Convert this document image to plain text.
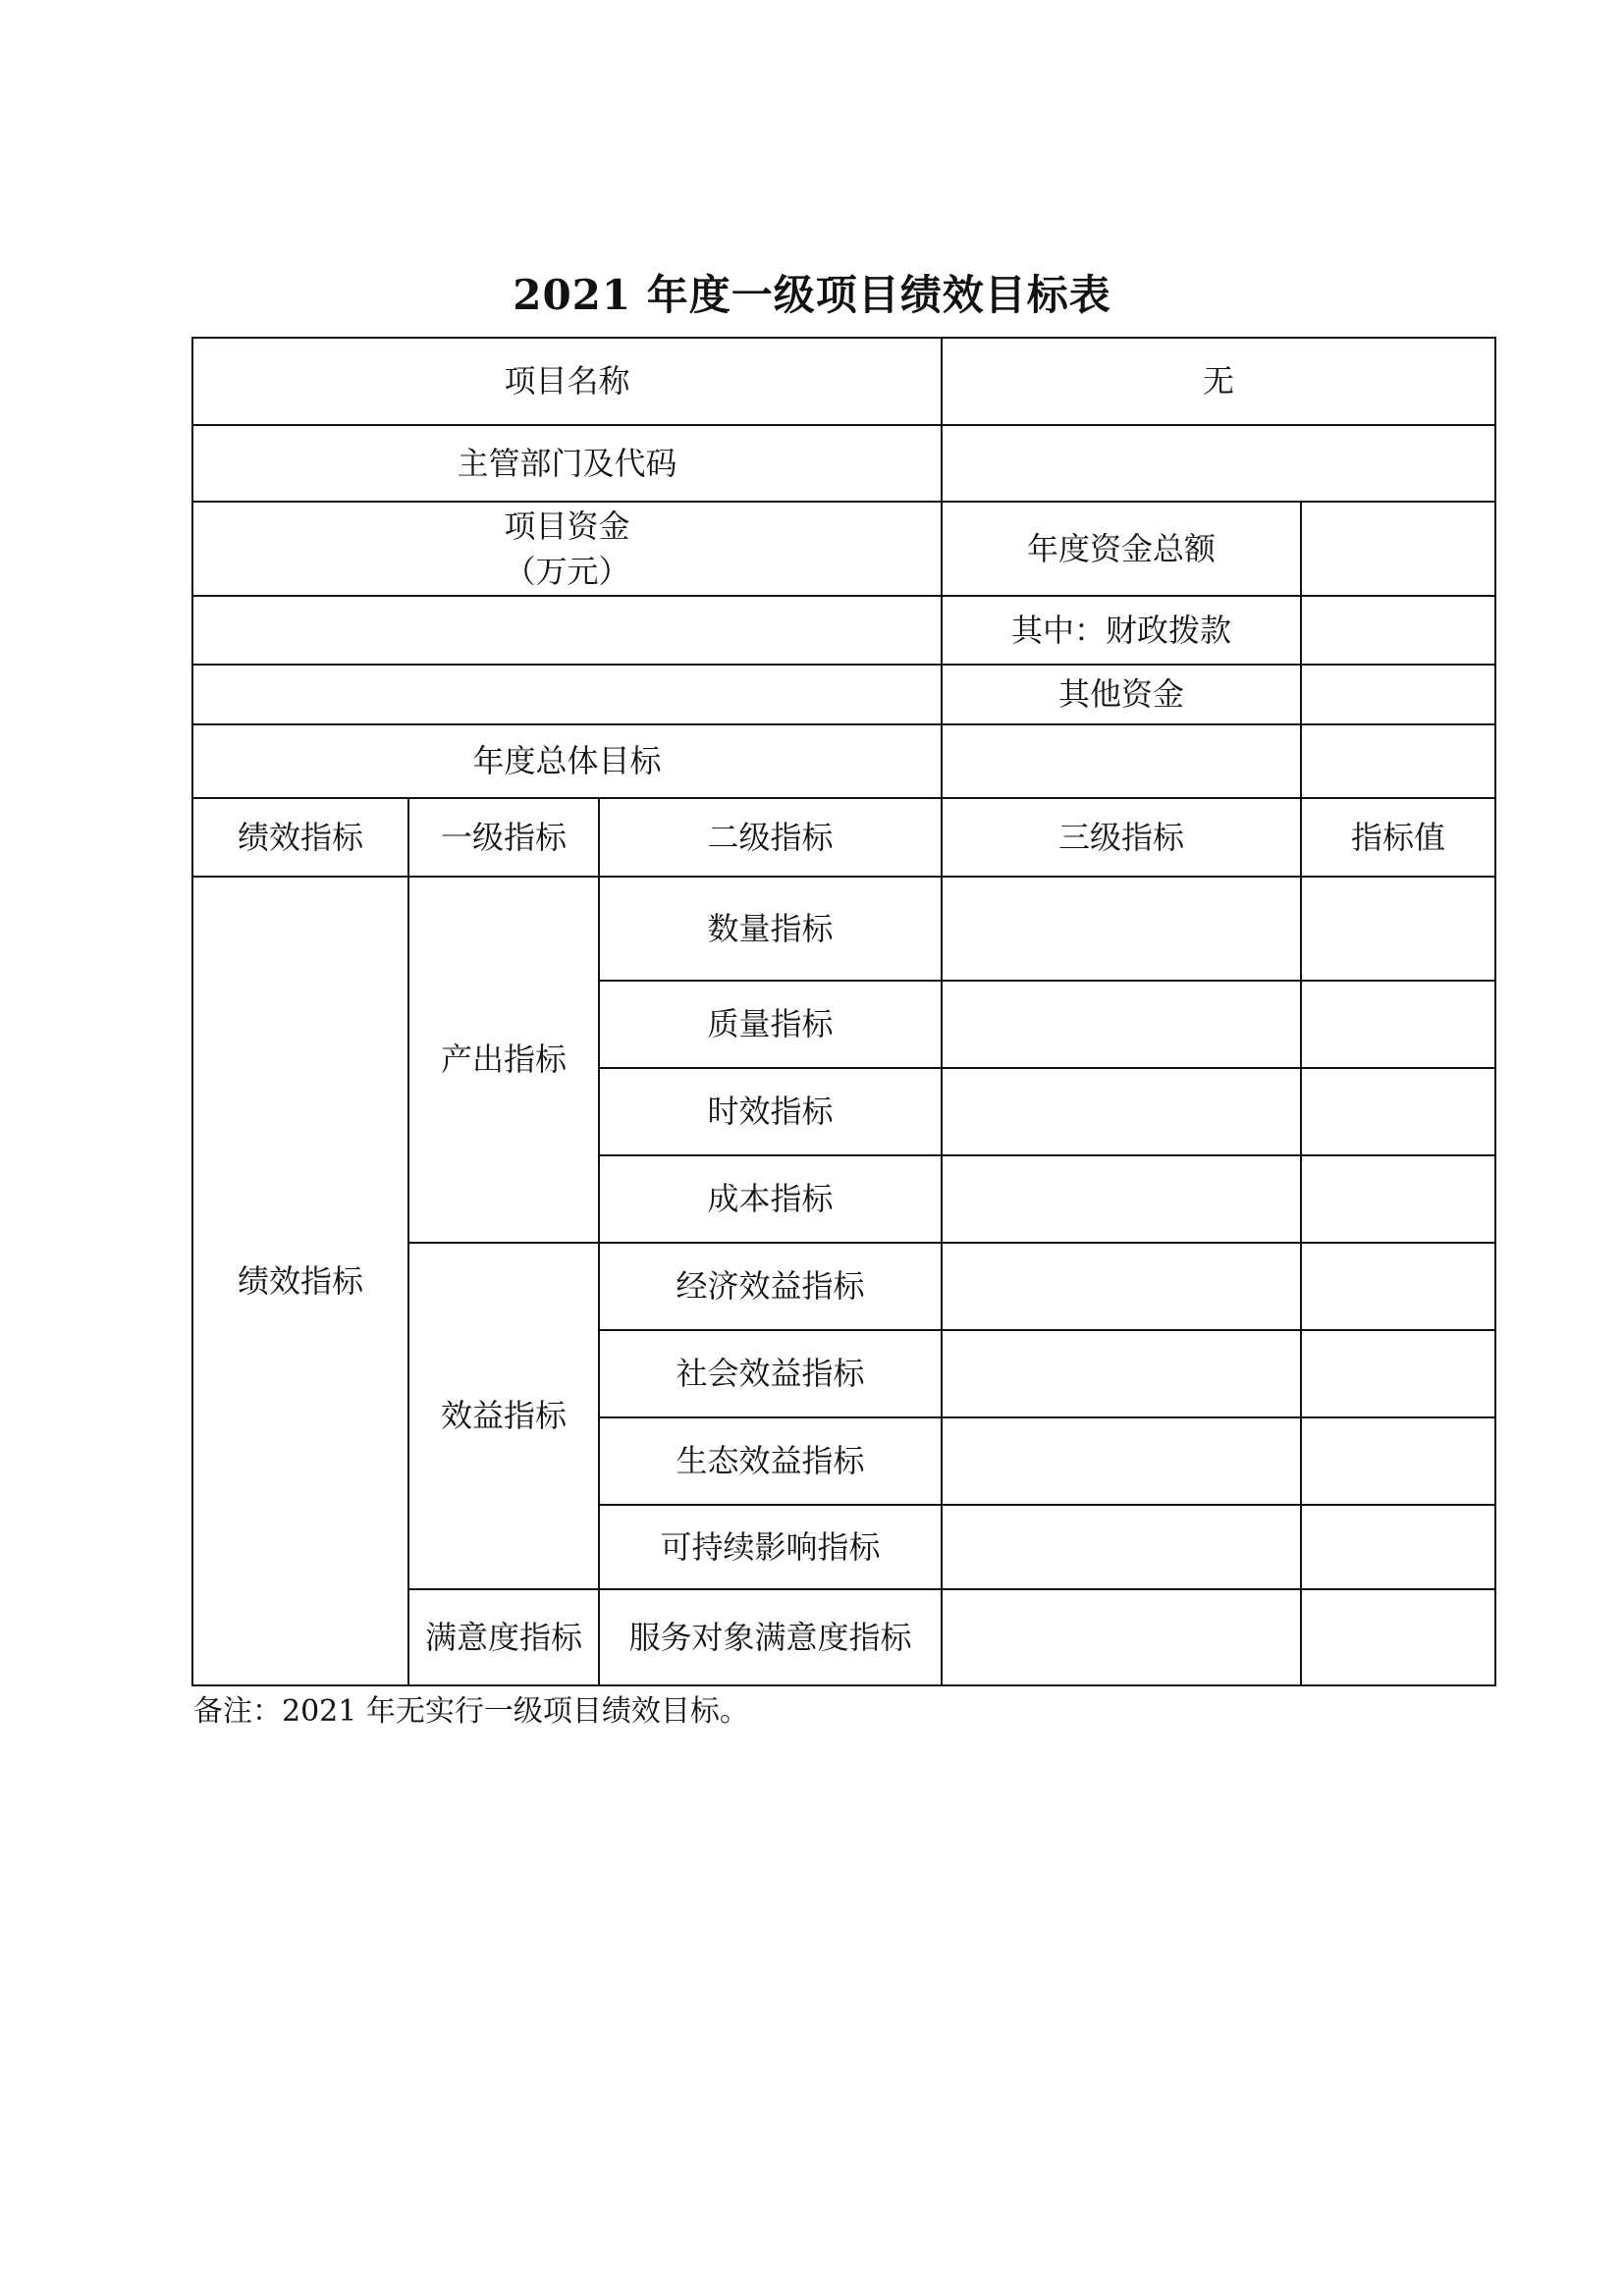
2021 年度一级项目绩效目标表
项目名称			无	
主管部门及代码				

项目资金
（万元）			年度资金总额	
			其中：财政拨款	
			其他资金	
年度总体目标				
绩效指标	一级指标	二级指标	三级指标	指标值
绩效指标	产出指标	数量指标		
		质量指标		
		时效指标		
		成本指标		
	效益指标	经济效益指标		
		社会效益指标		
		生态效益指标		
		可持续影响指标		
	满意度指标	服务对象满意度指标		
备注：2021 年无实行一级项目绩效目标。
